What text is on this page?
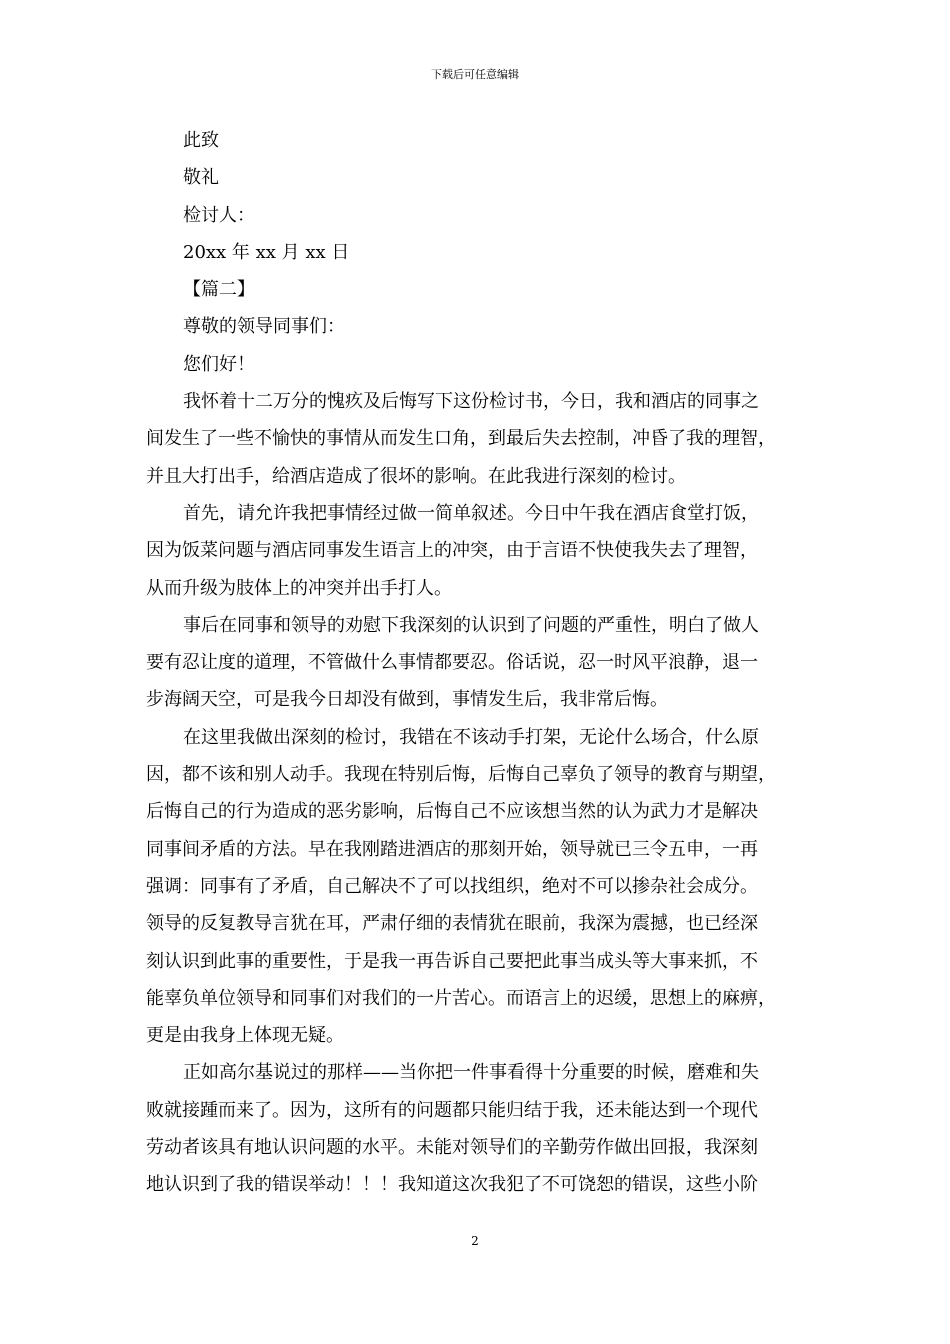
下载后可任意编辑

此致

敬礼

检讨人：

20xx 年 xx 月 xx 日

【篇二】

尊敬的领导同事们：

您们好！

我怀着十二万分的愧疚及后悔写下这份检讨书，今日，我和酒店的同事之
间发生了一些不愉快的事情从而发生口角，到最后失去控制，冲昏了我的理智，
并且大打出手，给酒店造成了很坏的影响。在此我进行深刻的检讨。
首先，请允许我把事情经过做一简单叙述。今日中午我在酒店食堂打饭，
因为饭菜问题与酒店同事发生语言上的冲突，由于言语不快使我失去了理智，
从而升级为肢体上的冲突并出手打人。
事后在同事和领导的劝慰下我深刻的认识到了问题的严重性，明白了做人
要有忍让度的道理，不管做什么事情都要忍。俗话说，忍一时风平浪静，退一
步海阔天空，可是我今日却没有做到，事情发生后，我非常后悔。
在这里我做出深刻的检讨，我错在不该动手打架，无论什么场合，什么原
因，都不该和别人动手。我现在特别后悔，后悔自己辜负了领导的教育与期望，
后悔自己的行为造成的恶劣影响，后悔自己不应该想当然的认为武力才是解决
同事间矛盾的方法。早在我刚踏进酒店的那刻开始，领导就已三令五申，一再
强调：同事有了矛盾，自己解决不了可以找组织，绝对不可以掺杂社会成分。
领导的反复教导言犹在耳，严肃仔细的表情犹在眼前，我深为震撼，也已经深
刻认识到此事的重要性，于是我一再告诉自己要把此事当成头等大事来抓，不
能辜负单位领导和同事们对我们的一片苦心。而语言上的迟缓，思想上的麻痹，
更是由我身上体现无疑。
正如高尔基说过的那样——当你把一件事看得十分重要的时候，磨难和失
败就接踵而来了。因为，这所有的问题都只能归结于我，还未能达到一个现代
劳动者该具有地认识问题的水平。未能对领导们的辛勤劳作做出回报，我深刻
地认识到了我的错误举动！！！我知道这次我犯了不可饶恕的错误，这些小阶
2
